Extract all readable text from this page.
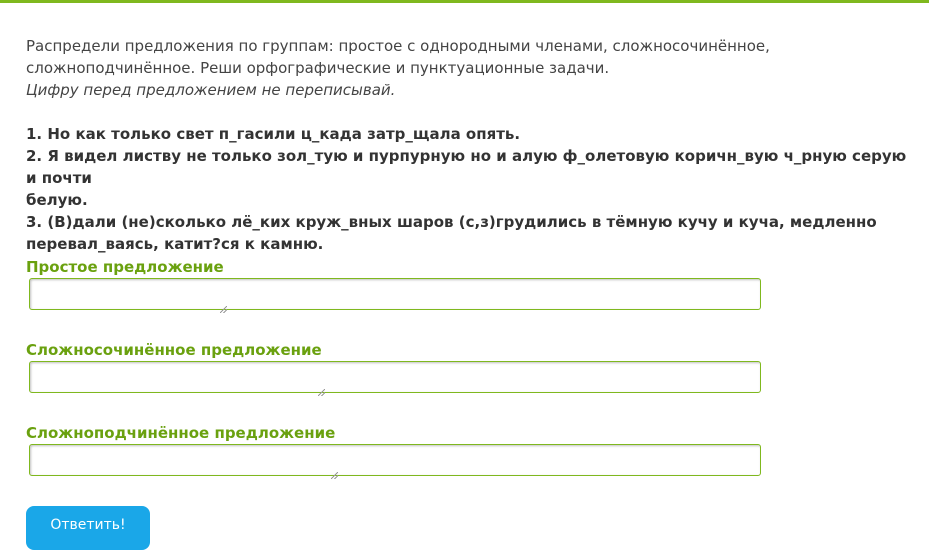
Распредели предложения по группам: простое с однородными членами, сложносочинённое,

сложноподчинённое. Реши орфографические и пунктуационные задачи.

Цифру перед предложением не переписывай.

1. Но как только свет п_гасили ц_када затр_щала опять.

2. Я видел листву не только зол_тую и пурпурную но и алую ф_олетовую коричн_вую ч_рную серую и почти

белую.

3. (В)дали (не)сколько лё_ких круж_вных шаров (с,з)грудились в тёмную кучу и куча, медленно

перевал_ваясь, катит?ся к камню.

Простое предложение

Сложносочинённое предложение

Сложноподчинённое предложение

Ответить!
